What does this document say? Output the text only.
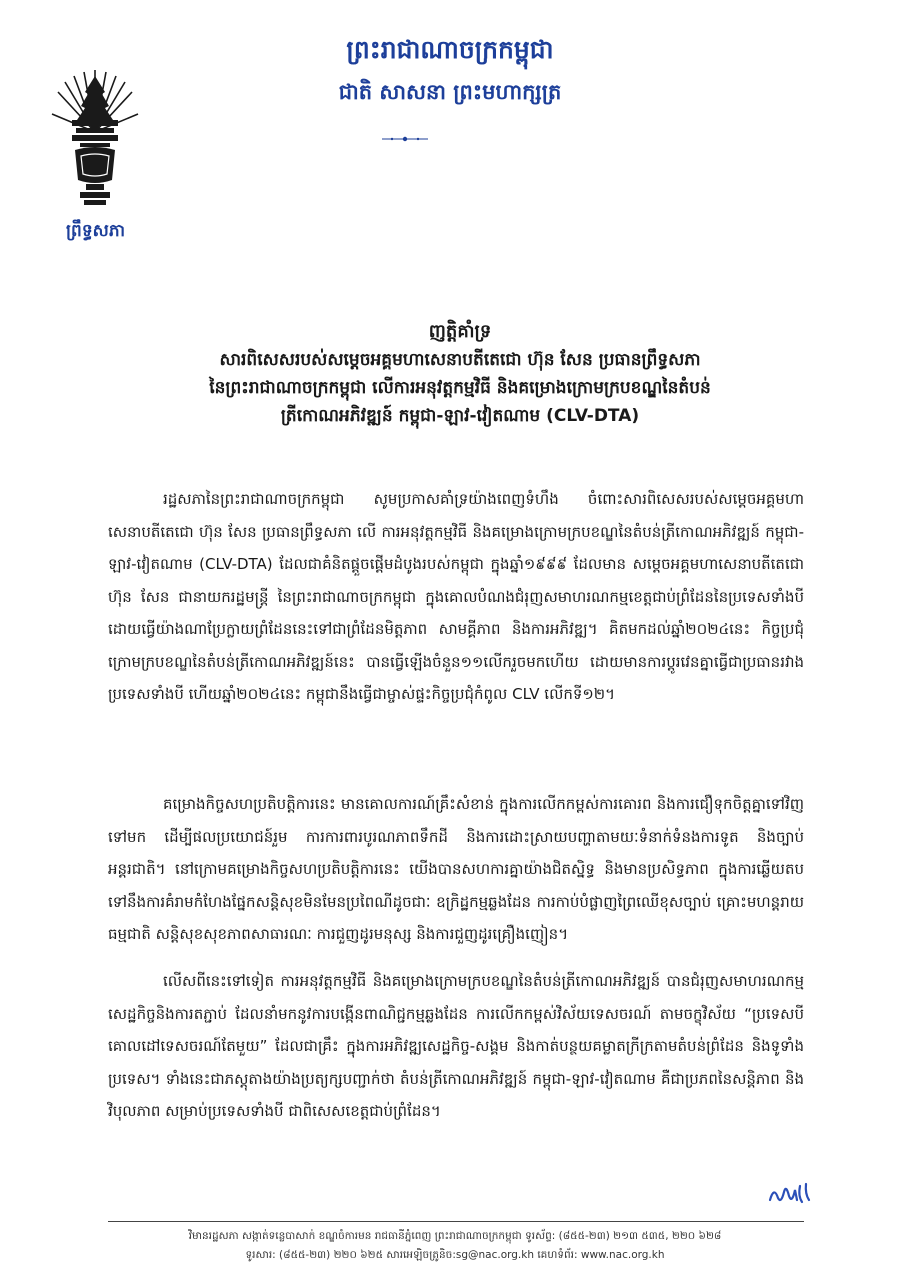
ព្រឹទ្ធសភា
ព្រះរាជាណាចក្រកម្ពុជា
ជាតិ សាសនា ព្រះមហាក្សត្រ
ញត្តិគាំទ្រ
សារពិសេសរបស់សម្ដេចអគ្គមហាសេនាបតីតេជោ ហ៊ុន សែន ប្រធានព្រឹទ្ធសភា
នៃព្រះរាជាណាចក្រកម្ពុជា លើការអនុវត្តកម្មវិធី និងគម្រោងក្រោមក្របខណ្ឌនៃតំបន់
ត្រីកោណអភិវឌ្ឍន៍ កម្ពុជា-ឡាវ-វៀតណាម (CLV-DTA)
រដ្ឋសភានៃព្រះរាជាណាចក្រកម្ពុជា សូមប្រកាសគាំទ្រយ៉ាងពេញទំហឹង ចំពោះសារពិសេសរបស់សម្ដេចអគ្គមហាសេនាបតីតេជោ ហ៊ុន សែន ប្រធានព្រឹទ្ធសភា លើ ការអនុវត្តកម្មវិធី និងគម្រោងក្រោមក្របខណ្ឌនៃតំបន់ត្រីកោណអភិវឌ្ឍន៍ កម្ពុជា-ឡាវ-វៀតណាម (CLV-DTA) ដែលជាគំនិតផ្ដួចផ្ដើមដំបូងរបស់កម្ពុជា ក្នុងឆ្នាំ១៩៩៩ ដែលមាន សម្ដេចអគ្គមហាសេនាបតីតេជោ ហ៊ុន សែន ជានាយករដ្ឋមន្ត្រី នៃព្រះរាជាណាចក្រកម្ពុជា ក្នុងគោលបំណងជំរុញសមាហរណកម្មខេត្តជាប់ព្រំដែននៃប្រទេសទាំងបី ដោយធ្វើយ៉ាងណាប្រែក្លាយព្រំដែននេះទៅជាព្រំដែនមិត្តភាព សាមគ្គីភាព និងការអភិវឌ្ឍ។ គិតមកដល់ឆ្នាំ២០២៤នេះ កិច្ចប្រជុំក្រោមក្របខណ្ឌនៃតំបន់ត្រីកោណអភិវឌ្ឍន៍នេះ បានធ្វើឡើងចំនួន១១លើករួចមកហើយ ដោយមានការប្ដូរវេនគ្នាធ្វើជាប្រធានរវាងប្រទេសទាំងបី ហើយឆ្នាំ២០២៤នេះ កម្ពុជានឹងធ្វើជាម្ចាស់ផ្ទះកិច្ចប្រជុំកំពូល CLV លើកទី១២។
គម្រោងកិច្ចសហប្រតិបត្តិការនេះ មានគោលការណ៍គ្រឹះសំខាន់ ក្នុងការលើកកម្ពស់ការគោរព និងការជឿទុកចិត្តគ្នាទៅវិញទៅមក ដើម្បីផលប្រយោជន៍រួម ការការពារបូរណភាពទឹកដី និងការដោះស្រាយបញ្ហាតាមយៈទំនាក់ទំនងការទូត និងច្បាប់អន្តរជាតិ។ នៅក្រោមគម្រោងកិច្ចសហប្រតិបត្តិការនេះ យើងបានសហការគ្នាយ៉ាងជិតស្និទ្ធ និងមានប្រសិទ្ធភាព ក្នុងការឆ្លើយតបទៅនឹងការគំរាមកំហែងផ្នែកសន្តិសុខមិនមែនប្រពៃណីដូចជាៈ ឧក្រិដ្ឋកម្មឆ្លងដែន ការកាប់បំផ្លាញព្រៃឈើខុសច្បាប់ គ្រោះមហន្តរាយធម្មជាតិ សន្តិសុខសុខភាពសាធារណៈ ការជួញដូរមនុស្ស និងការជួញដូរគ្រឿងញៀន។
លើសពីនេះទៅទៀត ការអនុវត្តកម្មវិធី និងគម្រោងក្រោមក្របខណ្ឌនៃតំបន់ត្រីកោណអភិវឌ្ឍន៍ បានជំរុញសមាហរណកម្មសេដ្ឋកិច្ចនិងការតភ្ជាប់ ដែលនាំមកនូវការបង្កើនពាណិជ្ជកម្មឆ្លងដែន ការលើកកម្ពស់វិស័យទេសចរណ៍ តាមចក្ខុវិស័យ “ប្រទេសបីគោលដៅទេសចរណ៍តែមួយ” ដែលជាគ្រឹះ ក្នុងការអភិវឌ្ឍសេដ្ឋកិច្ច-សង្គម និងកាត់បន្ថយគម្លាតក្រីក្រតាមតំបន់ព្រំដែន និងទូទាំងប្រទេស។ ទាំងនេះជាភស្តុតាងយ៉ាងប្រត្យក្សបញ្ជាក់ថា តំបន់ត្រីកោណអភិវឌ្ឍន៍ កម្ពុជា-ឡាវ-វៀតណាម គឺជាប្រភពនៃសន្តិភាព និងវិបុលភាព សម្រាប់ប្រទេសទាំងបី ជាពិសេសខេត្តជាប់ព្រំដែន។
វិមានរដ្ឋសភា សង្កាត់ទន្លេបាសាក់ ខណ្ឌចំការមន រាជធានីភ្នំពេញ ព្រះរាជាណាចក្រកម្ពុជា ទូរស័ព្ទ: (៨៥៥-២៣) ២១៣ ៥៣៥, ២២០ ៦២៨
ទូរសារ: (៨៥៥-២៣) ២២០ ៦២៥ សារអេឡិចត្រូនិច:sg@nac.org.kh គេហទំព័រ: www.nac.org.kh
